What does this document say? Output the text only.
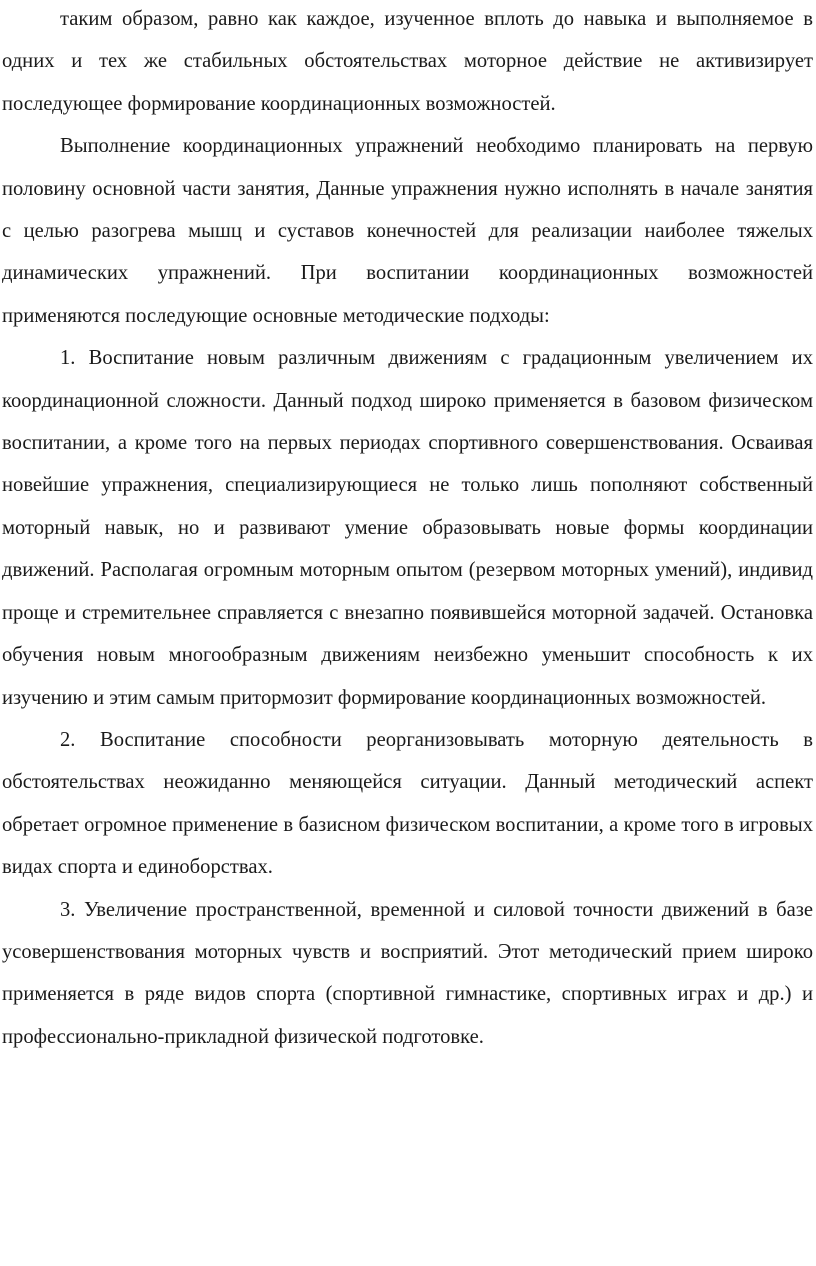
таким образом, равно как каждое, изученное вплоть до навыка и выполняемое в одних и тех же стабильных обстоятельствах моторное действие не активизирует последующее формирование координационных возможностей.

Выполнение координационных упражнений необходимо планировать на первую половину основной части занятия, Данные упражнения нужно исполнять в начале занятия с целью разогрева мышц и суставов конечностей для реализации наиболее тяжелых динамических упражнений. При воспитании координационных возможностей применяются последующие основные методические подходы:

1. Воспитание новым различным движениям с градационным увеличением их координационной сложности. Данный подход широко применяется в базовом физическом воспитании, а кроме того на первых периодах спортивного совершенствования. Осваивая новейшие упражнения, специализирующиеся не только лишь пополняют собственный моторный навык, но и развивают умение образовывать новые формы координации движений. Располагая огромным моторным опытом (резервом моторных умений), индивид проще и стремительнее справляется с внезапно появившейся моторной задачей. Остановка обучения новым многообразным движениям неизбежно уменьшит способность к их изучению и этим самым притормозит формирование координационных возможностей.

2. Воспитание способности реорганизовывать моторную деятельность в обстоятельствах неожиданно меняющейся ситуации. Данный методический аспект обретает огромное применение в базисном физическом воспитании, а кроме того в игровых видах спорта и единоборствах.

3. Увеличение пространственной, временной и силовой точности движений в базе усовершенствования моторных чувств и восприятий. Этот методический прием широко применяется в ряде видов спорта (спортивной гимнастике, спортивных играх и др.) и профессионально-прикладной физической подготовке.
